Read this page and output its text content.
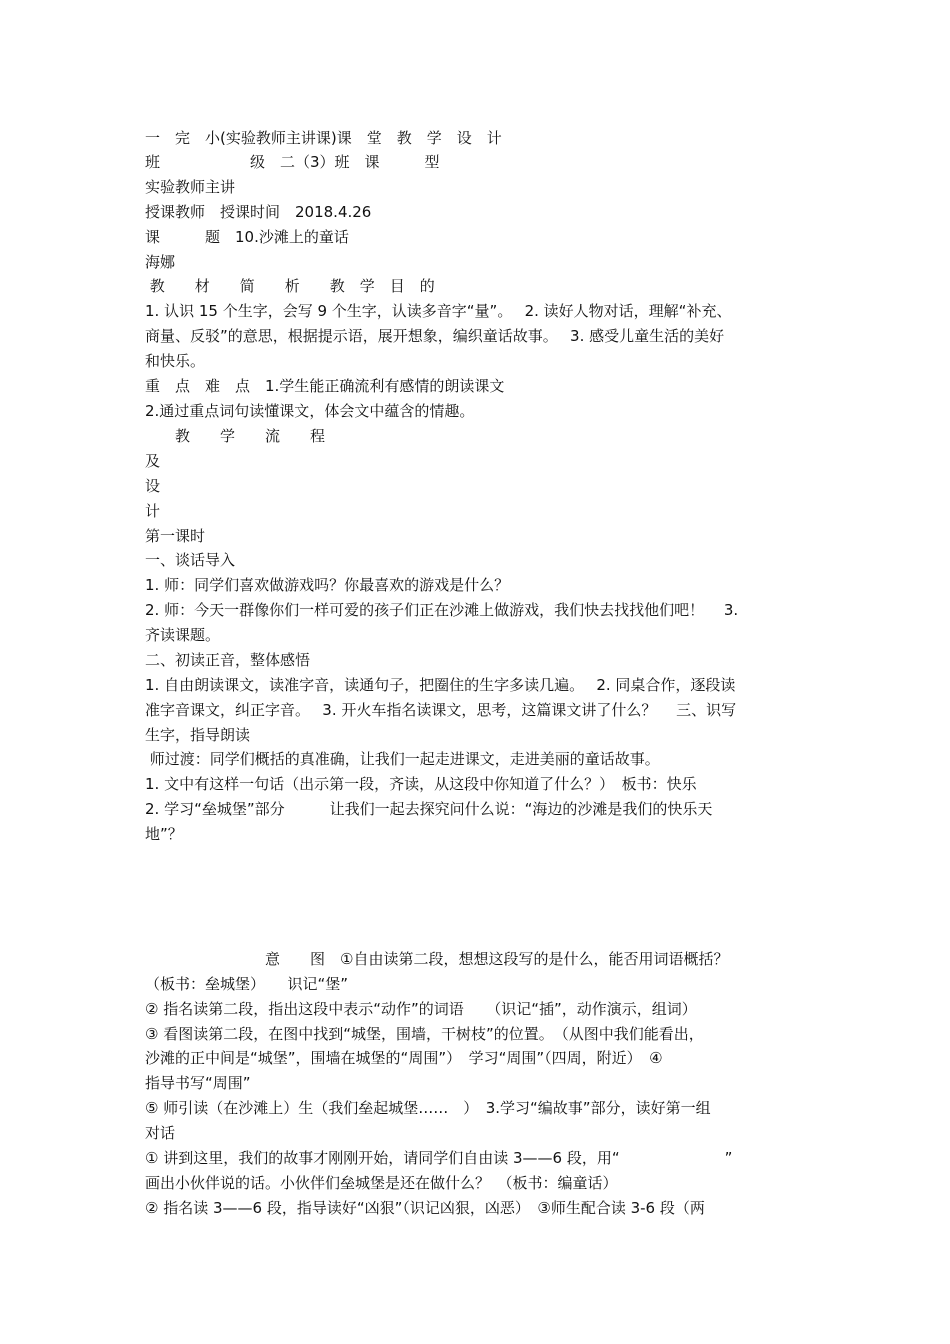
一　完　小(实验教师主讲课)课　堂　教　学　设　计

班　　　　　　级　二（3）班　课　　　型

实验教师主讲

授课教师　授课时间　2018.4.26

课　　　题　10.沙滩上的童话

海娜

教　　材　　简　　析　　教　学　目　的

1. 认识 15 个生字，会写 9 个生字，认读多音字“量”。　 2. 读好人物对话，理解“补充、

商量、反驳”的意思，根据提示语，展开想象，编织童话故事。　 3. 感受儿童生活的美好

和快乐。

重　点　难　点　1.学生能正确流利有感情的朗读课文

2.通过重点词句读懂课文，体会文中蕴含的情趣。

　　教　　学　　流　　程

及

设

计

第一课时

一、谈话导入

1. 师：同学们喜欢做游戏吗？你最喜欢的游戏是什么？

2. 师：今天一群像你们一样可爱的孩子们正在沙滩上做游戏，我们快去找找他们吧！　 3.

齐读课题。

二、初读正音，整体感悟

1. 自由朗读课文，读准字音，读通句子，把圈住的生字多读几遍。　 2. 同桌合作，逐段读

准字音课文，纠正字音。　 3. 开火车指名读课文，思考，这篇课文讲了什么？　 三、识写

生字，指导朗读

师过渡：同学们概括的真准确，让我们一起走进课文，走进美丽的童话故事。

1. 文中有这样一句话（出示第一段，齐读，从这段中你知道了什么？）　板书：快乐

2. 学习“垒城堡”部分　　　让我们一起去探究问什么说：“海边的沙滩是我们的快乐天

地”？

　　　　　　　　意　　图　①自由读第二段，想想这段写的是什么，能否用词语概括？

（板书：垒城堡）　　识记“堡”

② 指名读第二段，指出这段中表示“动作”的词语　　（识记“插”，动作演示，组词）

③ 看图读第二段，在图中找到“城堡，围墙，干树枝”的位置。　（从图中我们能看出，

沙滩的正中间是“城堡”，围墙在城堡的“周围”）　学习“周围”（四周，附近）　④

指导书写“周围”

⑤ 师引读（在沙滩上）生（我们垒起城堡……　）　3.学习“编故事”部分，读好第一组

对话

① 讲到这里，我们的故事才刚刚开始，请同学们自由读 3——6 段，用“　　　　　　　”

画出小伙伴说的话。小伙伴们垒城堡是还在做什么？　（板书：编童话）

② 指名读 3——6 段，指导读好“凶狠”（识记凶狠，凶恶）　③师生配合读 3-6 段（两
